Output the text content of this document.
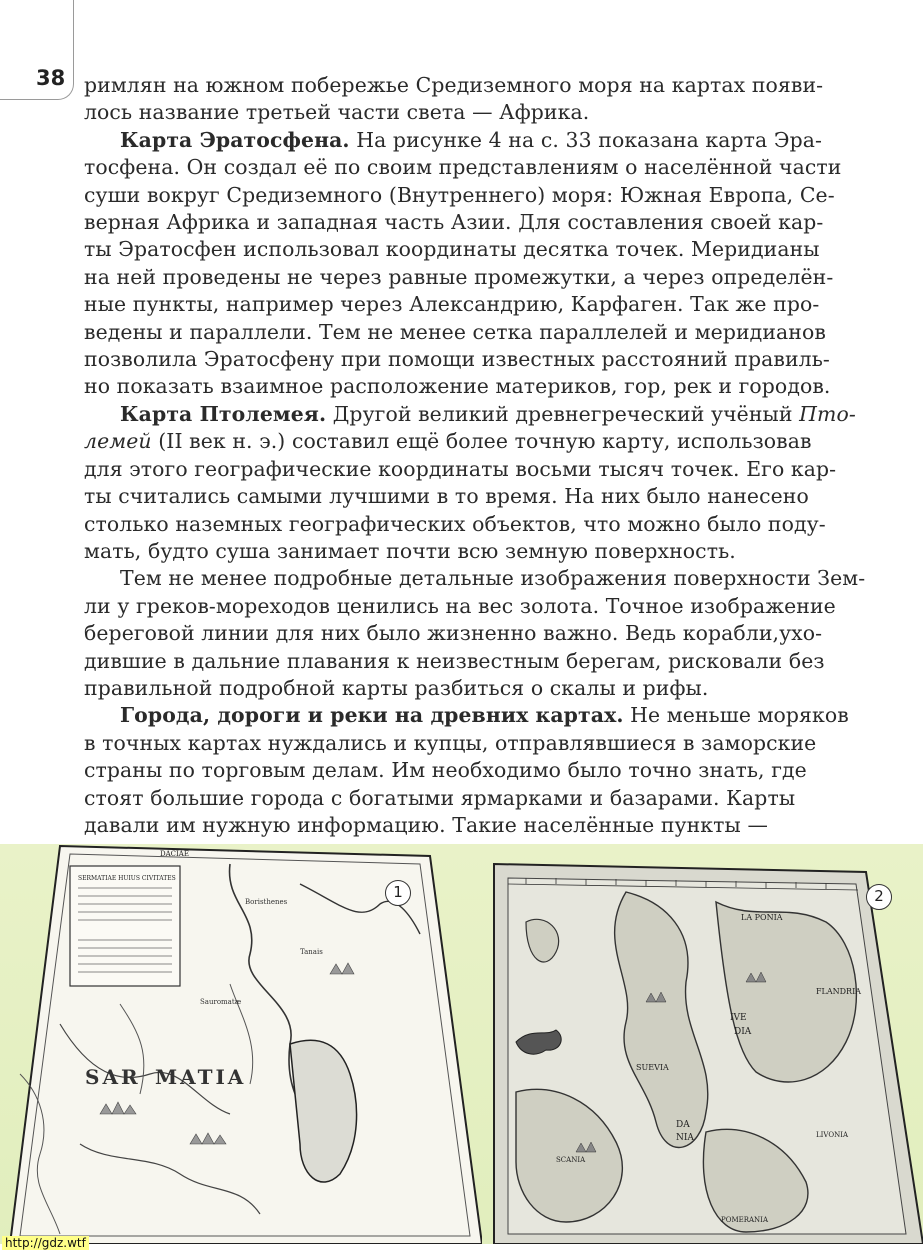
38 римлян на южном побережье Средиземного моря на картах появи-
лось название третьей части света — Африка.

Карта Эратосфена. На рисунке 4 на с. 33 показана карта Эра-
тосфена. Он создал её по своим представлениям о населённой части
суши вокруг Средиземного (Внутреннего) моря: Южная Европа, Се-
верная Африка и западная часть Азии. Для составления своей кар-
ты Эратосфен использовал координаты десятка точек. Меридианы
на ней проведены не через равные промежутки, а через определён-
ные пункты, например через Александрию, Карфаген. Так же про-
ведены и параллели. Тем не менее сетка параллелей и меридианов
позволила Эратосфену при помощи известных расстояний правиль-
но показать взаимное расположение материков, гор, рек и городов.

Карта Птолемея. Другой великий древнегреческий учёный Пто-
лемей (II век н. э.) составил ещё более точную карту, использовав
для этого географические координаты восьми тысяч точек. Его кар-
ты считались самыми лучшими в то время. На них было нанесено
столько наземных географических объектов, что можно было поду-
мать, будто суша занимает почти всю земную поверхность.

Тем не менее подробные детальные изображения поверхности Зем-
ли у греков-мореходов ценились на вес золота. Точное изображение
береговой линии для них было жизненно важно. Ведь корабли,ухо-
дившие в дальние плавания к неизвестным берегам, рисковали без
правильной подробной карты разбиться о скалы и рифы.

Города, дороги и реки на древних картах. Не меньше моряков
в точных картах нуждались и купцы, отправлявшиеся в заморские
страны по торговым делам. Им необходимо было точно знать, где
стоят большие города с богатыми ярмарками и базарами. Карты
давали им нужную информацию. Такие населённые пункты —

SERMATIAE HUIUS CIVITATES
DACIAE
SAR MATIA
Sauromatæ
Boristhenes
Tanais
1
LA PONIA
FLANDRIA
SCANIA
DA
NIA
SUEVIA
IVE
DIA
LIVONIA
POMERANIA
2
http://gdz.wtf
